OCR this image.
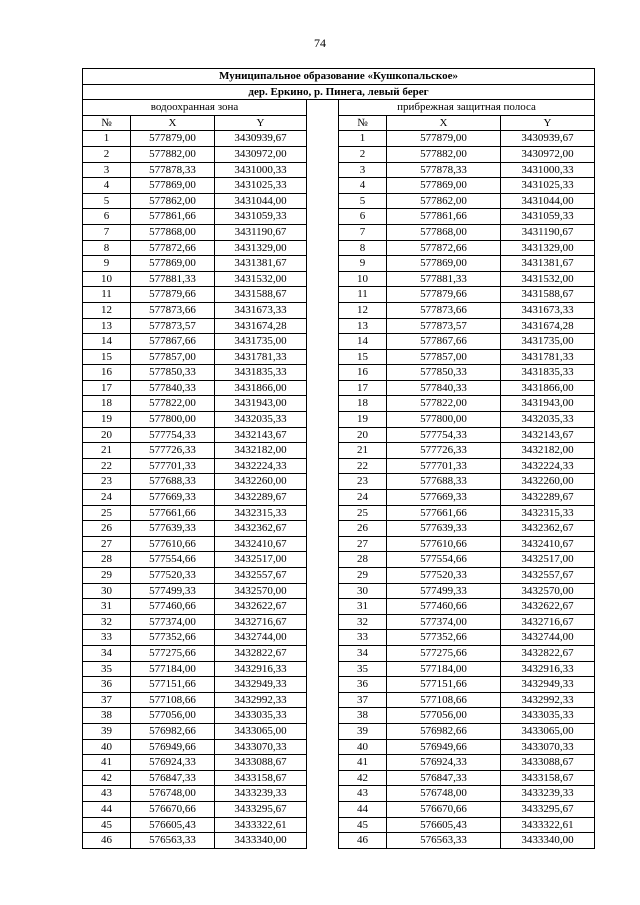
74
Муниципальное образование «Кушкопальское»						
дер. Еркино, р. Пинега, левый берег						
водоохранная зона				прибрежная защитная полоса		
№	X	Y		№	X	Y
1	577879,00	3430939,67		1	577879,00	3430939,67
2	577882,00	3430972,00		2	577882,00	3430972,00
3	577878,33	3431000,33		3	577878,33	3431000,33
4	577869,00	3431025,33		4	577869,00	3431025,33
5	577862,00	3431044,00		5	577862,00	3431044,00
6	577861,66	3431059,33		6	577861,66	3431059,33
7	577868,00	3431190,67		7	577868,00	3431190,67
8	577872,66	3431329,00		8	577872,66	3431329,00
9	577869,00	3431381,67		9	577869,00	3431381,67
10	577881,33	3431532,00		10	577881,33	3431532,00
11	577879,66	3431588,67		11	577879,66	3431588,67
12	577873,66	3431673,33		12	577873,66	3431673,33
13	577873,57	3431674,28		13	577873,57	3431674,28
14	577867,66	3431735,00		14	577867,66	3431735,00
15	577857,00	3431781,33		15	577857,00	3431781,33
16	577850,33	3431835,33		16	577850,33	3431835,33
17	577840,33	3431866,00		17	577840,33	3431866,00
18	577822,00	3431943,00		18	577822,00	3431943,00
19	577800,00	3432035,33		19	577800,00	3432035,33
20	577754,33	3432143,67		20	577754,33	3432143,67
21	577726,33	3432182,00		21	577726,33	3432182,00
22	577701,33	3432224,33		22	577701,33	3432224,33
23	577688,33	3432260,00		23	577688,33	3432260,00
24	577669,33	3432289,67		24	577669,33	3432289,67
25	577661,66	3432315,33		25	577661,66	3432315,33
26	577639,33	3432362,67		26	577639,33	3432362,67
27	577610,66	3432410,67		27	577610,66	3432410,67
28	577554,66	3432517,00		28	577554,66	3432517,00
29	577520,33	3432557,67		29	577520,33	3432557,67
30	577499,33	3432570,00		30	577499,33	3432570,00
31	577460,66	3432622,67		31	577460,66	3432622,67
32	577374,00	3432716,67		32	577374,00	3432716,67
33	577352,66	3432744,00		33	577352,66	3432744,00
34	577275,66	3432822,67		34	577275,66	3432822,67
35	577184,00	3432916,33		35	577184,00	3432916,33
36	577151,66	3432949,33		36	577151,66	3432949,33
37	577108,66	3432992,33		37	577108,66	3432992,33
38	577056,00	3433035,33		38	577056,00	3433035,33
39	576982,66	3433065,00		39	576982,66	3433065,00
40	576949,66	3433070,33		40	576949,66	3433070,33
41	576924,33	3433088,67		41	576924,33	3433088,67
42	576847,33	3433158,67		42	576847,33	3433158,67
43	576748,00	3433239,33		43	576748,00	3433239,33
44	576670,66	3433295,67		44	576670,66	3433295,67
45	576605,43	3433322,61		45	576605,43	3433322,61
46	576563,33	3433340,00		46	576563,33	3433340,00
